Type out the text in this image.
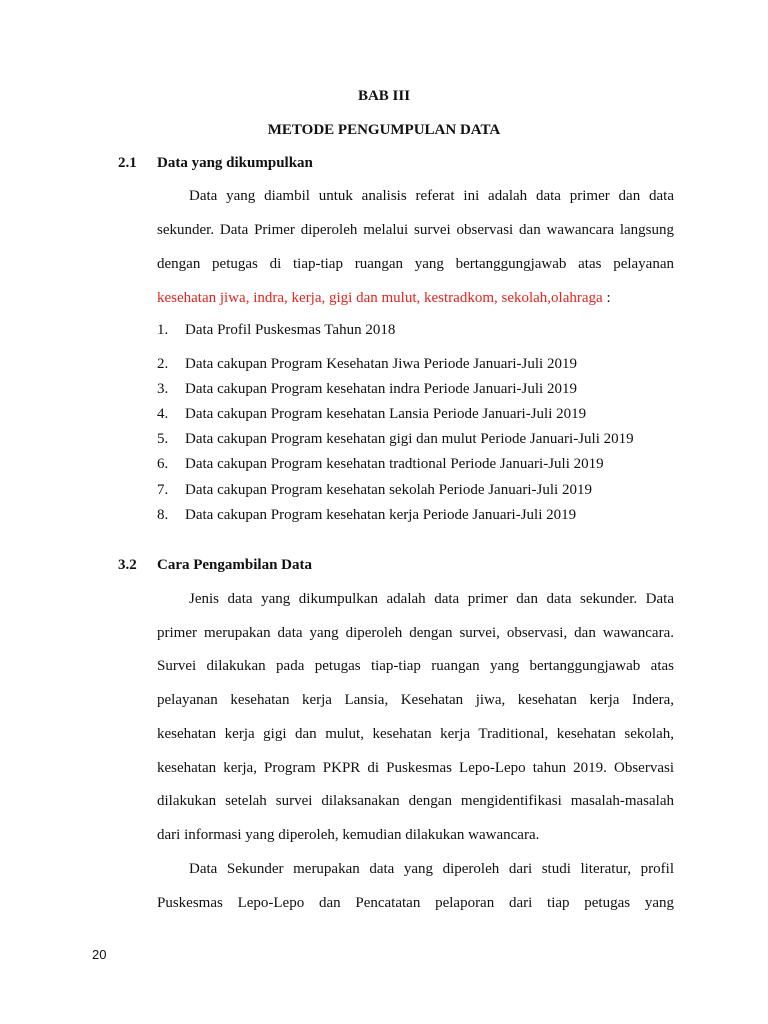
BAB III
METODE PENGUMPULAN DATA
2.1 Data yang dikumpulkan
Data yang diambil untuk analisis referat ini adalah data primer dan data
sekunder. Data Primer diperoleh melalui survei observasi dan wawancara langsung
dengan petugas di tiap-tiap ruangan yang bertanggungjawab atas pelayanan
kesehatan jiwa, indra, kerja, gigi dan mulut, kestradkom, sekolah,olahraga :
1. Data Profil Puskesmas Tahun 2018
2. Data cakupan Program Kesehatan Jiwa Periode Januari-Juli 2019
3. Data cakupan Program kesehatan indra Periode Januari-Juli 2019
4. Data cakupan Program kesehatan Lansia Periode Januari-Juli 2019
5. Data cakupan Program kesehatan gigi dan mulut Periode Januari-Juli 2019
6. Data cakupan Program kesehatan tradtional Periode Januari-Juli 2019
7. Data cakupan Program kesehatan sekolah Periode Januari-Juli 2019
8. Data cakupan Program kesehatan kerja Periode Januari-Juli 2019
3.2 Cara Pengambilan Data
Jenis data yang dikumpulkan adalah data primer dan data sekunder. Data
primer merupakan data yang diperoleh dengan survei, observasi, dan wawancara.
Survei dilakukan pada petugas tiap-tiap ruangan yang bertanggungjawab atas
pelayanan kesehatan kerja Lansia, Kesehatan jiwa, kesehatan kerja Indera,
kesehatan kerja gigi dan mulut, kesehatan kerja Traditional, kesehatan sekolah,
kesehatan kerja, Program PKPR di Puskesmas Lepo-Lepo tahun 2019. Observasi
dilakukan setelah survei dilaksanakan dengan mengidentifikasi masalah-masalah
dari informasi yang diperoleh, kemudian dilakukan wawancara.
Data Sekunder merupakan data yang diperoleh dari studi literatur, profil
Puskesmas Lepo-Lepo dan Pencatatan pelaporan dari tiap petugas yang
20
